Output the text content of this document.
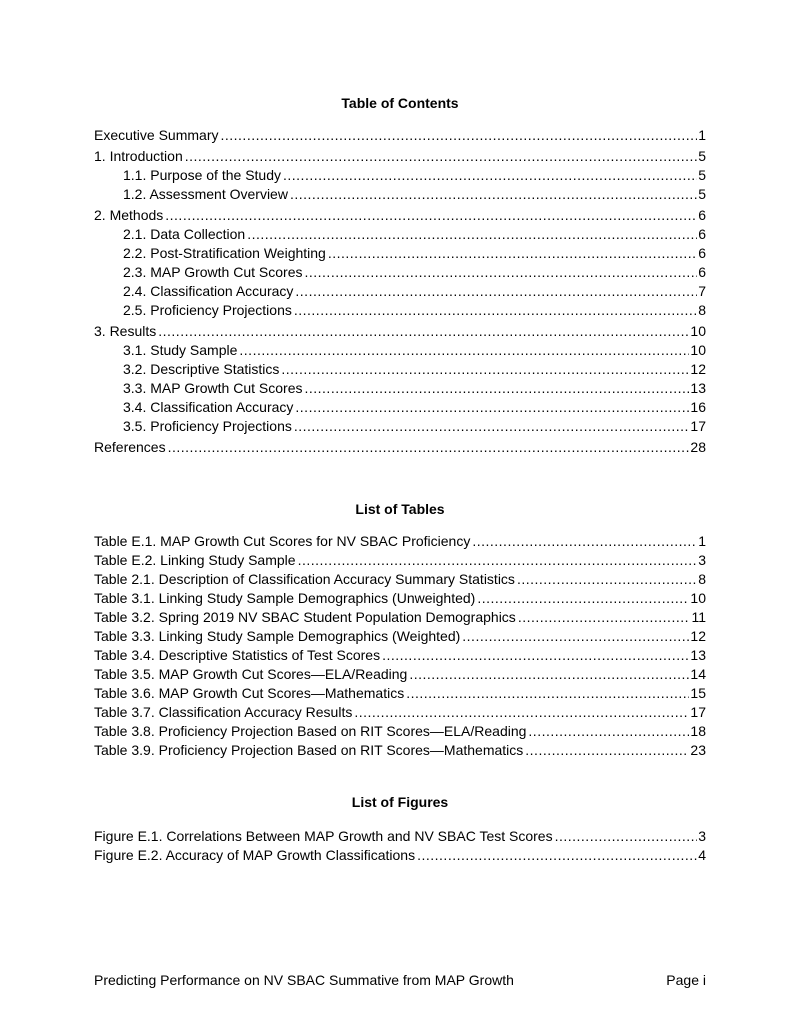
Table of Contents
Executive Summary .....	1
1. Introduction .....	5
1.1. Purpose of the Study .....	5
1.2. Assessment Overview .....	5
2. Methods .....	6
2.1. Data Collection .....	6
2.2. Post-Stratification Weighting .....	6
2.3. MAP Growth Cut Scores .....	6
2.4. Classification Accuracy .....	7
2.5. Proficiency Projections .....	8
3. Results .....	10
3.1. Study Sample .....	10
3.2. Descriptive Statistics .....	12
3.3. MAP Growth Cut Scores .....	13
3.4. Classification Accuracy .....	16
3.5. Proficiency Projections .....	17
References .....	28
List of Tables
Table E.1. MAP Growth Cut Scores for NV SBAC Proficiency .....	1
Table E.2. Linking Study Sample .....	3
Table 2.1. Description of Classification Accuracy Summary Statistics .....	8
Table 3.1. Linking Study Sample Demographics (Unweighted) .....	10
Table 3.2. Spring 2019 NV SBAC Student Population Demographics .....	11
Table 3.3. Linking Study Sample Demographics (Weighted) .....	12
Table 3.4. Descriptive Statistics of Test Scores .....	13
Table 3.5. MAP Growth Cut Scores—ELA/Reading .....	14
Table 3.6. MAP Growth Cut Scores—Mathematics .....	15
Table 3.7. Classification Accuracy Results .....	17
Table 3.8. Proficiency Projection Based on RIT Scores—ELA/Reading .....	18
Table 3.9. Proficiency Projection Based on RIT Scores—Mathematics .....	23
List of Figures
Figure E.1. Correlations Between MAP Growth and NV SBAC Test Scores .....	3
Figure E.2. Accuracy of MAP Growth Classifications .....	4
Predicting Performance on NV SBAC Summative from MAP Growth	Page i
